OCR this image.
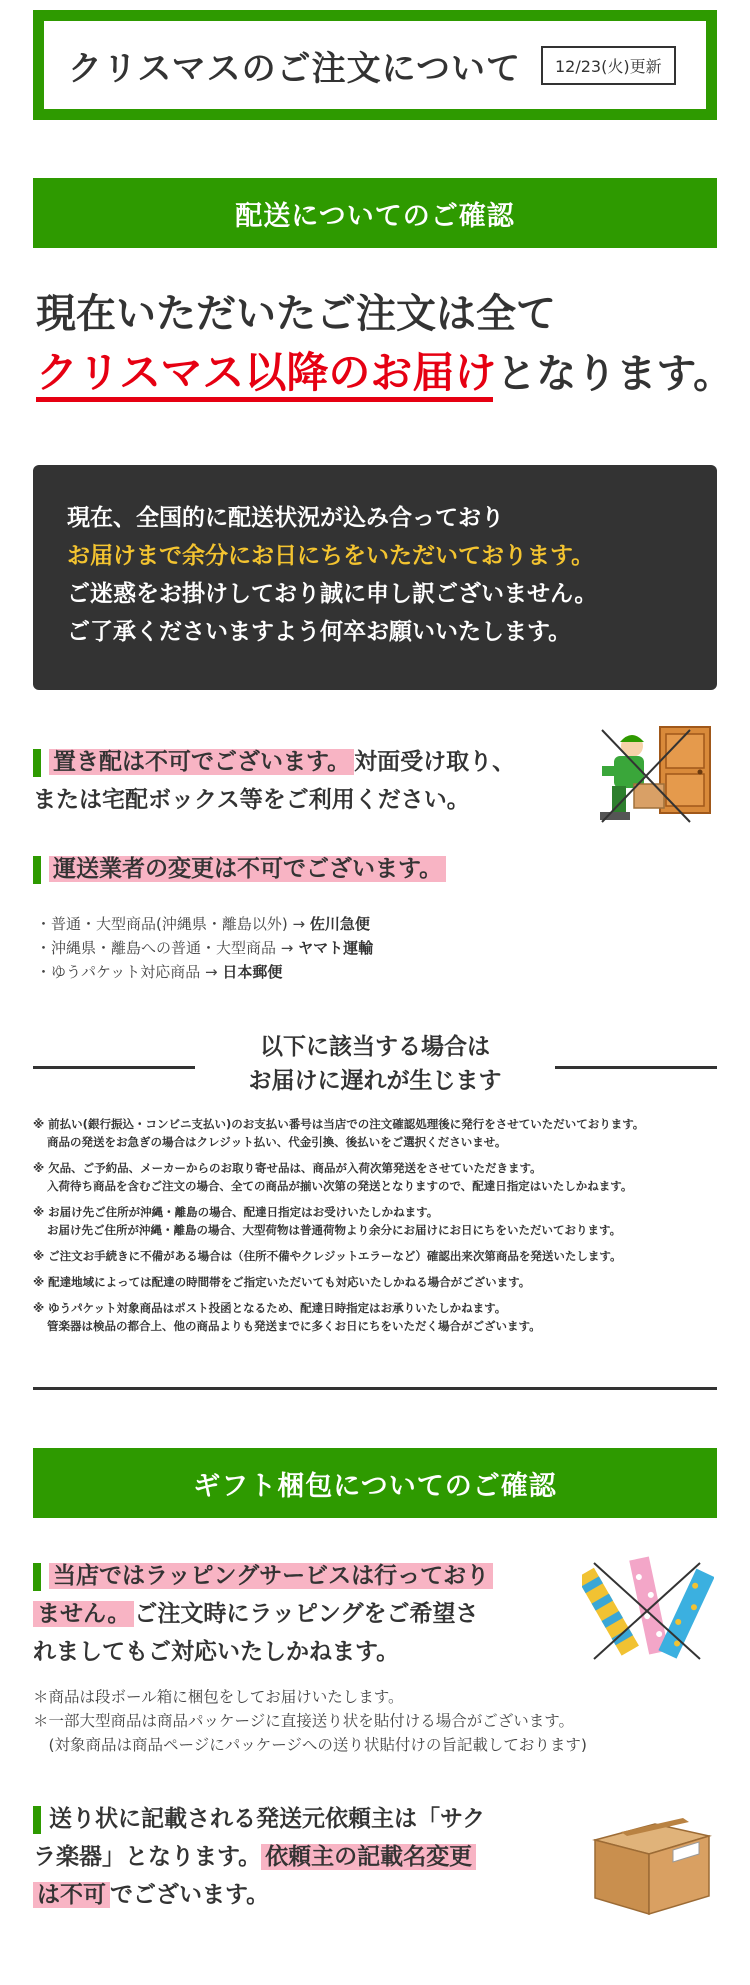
クリスマスのご注文について	12/23(火)更新
配送についてのご確認
現在いただいたご注文は全て
クリスマス以降のお届けとなります。
現在、全国的に配送状況が込み合っており
お届けまで余分にお日にちをいただいております。
ご迷惑をお掛けしており誠に申し訳ございません。
ご了承くださいますよう何卒お願いいたします。
置き配は不可でございます。 対面受け取り、
または宅配ボックス等をご利用ください。
運送業者の変更は不可でございます。
・普通・大型商品(沖縄県・離島以外) → 佐川急便
・沖縄県・離島への普通・大型商品 → ヤマト運輸
・ゆうパケット対応商品 → 日本郵便
以下に該当する場合は
お届けに遅れが生じます
※ 前払い(銀行振込・コンビニ支払い)のお支払い番号は当店での注文確認処理後に発行をさせていただいております。
商品の発送をお急ぎの場合はクレジット払い、代金引換、後払いをご選択くださいませ。
※ 欠品、ご予約品、メーカーからのお取り寄せ品は、商品が入荷次第発送をさせていただきます。
入荷待ち商品を含むご注文の場合、全ての商品が揃い次第の発送となりますので、配達日指定はいたしかねます。
※ お届け先ご住所が沖縄・離島の場合、配達日指定はお受けいたしかねます。
お届け先ご住所が沖縄・離島の場合、大型荷物は普通荷物より余分にお届けにお日にちをいただいております。
※ ご注文お手続きに不備がある場合は（住所不備やクレジットエラーなど）確認出来次第商品を発送いたします。
※ 配達地域によっては配達の時間帯をご指定いただいても対応いたしかねる場合がございます。
※ ゆうパケット対象商品はポスト投函となるため、配達日時指定はお承りいたしかねます。
管楽器は検品の都合上、他の商品よりも発送までに多くお日にちをいただく場合がございます。
ギフト梱包についてのご確認
当店ではラッピングサービスは行っており
ません。 ご注文時にラッピングをご希望さ
れましてもご対応いたしかねます。
＊商品は段ボール箱に梱包をしてお届けいたします。
＊一部大型商品は商品パッケージに直接送り状を貼付ける場合がございます。
　(対象商品は商品ページにパッケージへの送り状貼付けの旨記載しております)
送り状に記載される発送元依頼主は「サク
ラ楽器」となります。 依頼主の記載名変更
は不可 でございます。
